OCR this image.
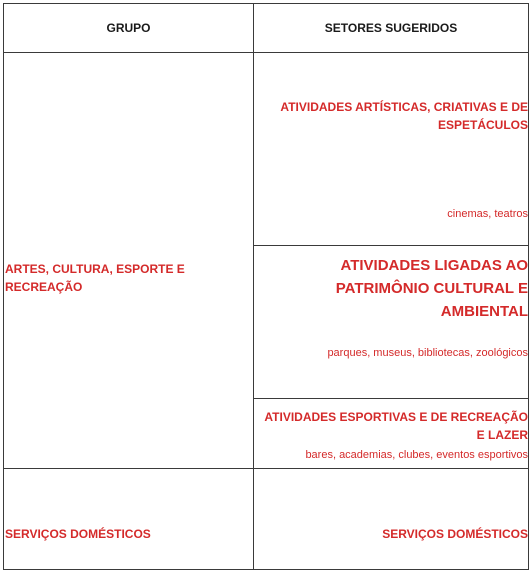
GRUPO	SETORES SUGERIDOS
ARTES, CULTURA, ESPORTE E RECREAÇÃO
ATIVIDADES ARTÍSTICAS, CRIATIVAS E DE ESPETÁCULOS
cinemas, teatros
ATIVIDADES LIGADAS AO PATRIMÔNIO CULTURAL E AMBIENTAL
parques, museus, bibliotecas, zoológicos
ATIVIDADES ESPORTIVAS E DE RECREAÇÃO E LAZER
bares, academias, clubes, eventos esportivos
SERVIÇOS DOMÉSTICOS	SERVIÇOS DOMÉSTICOS
